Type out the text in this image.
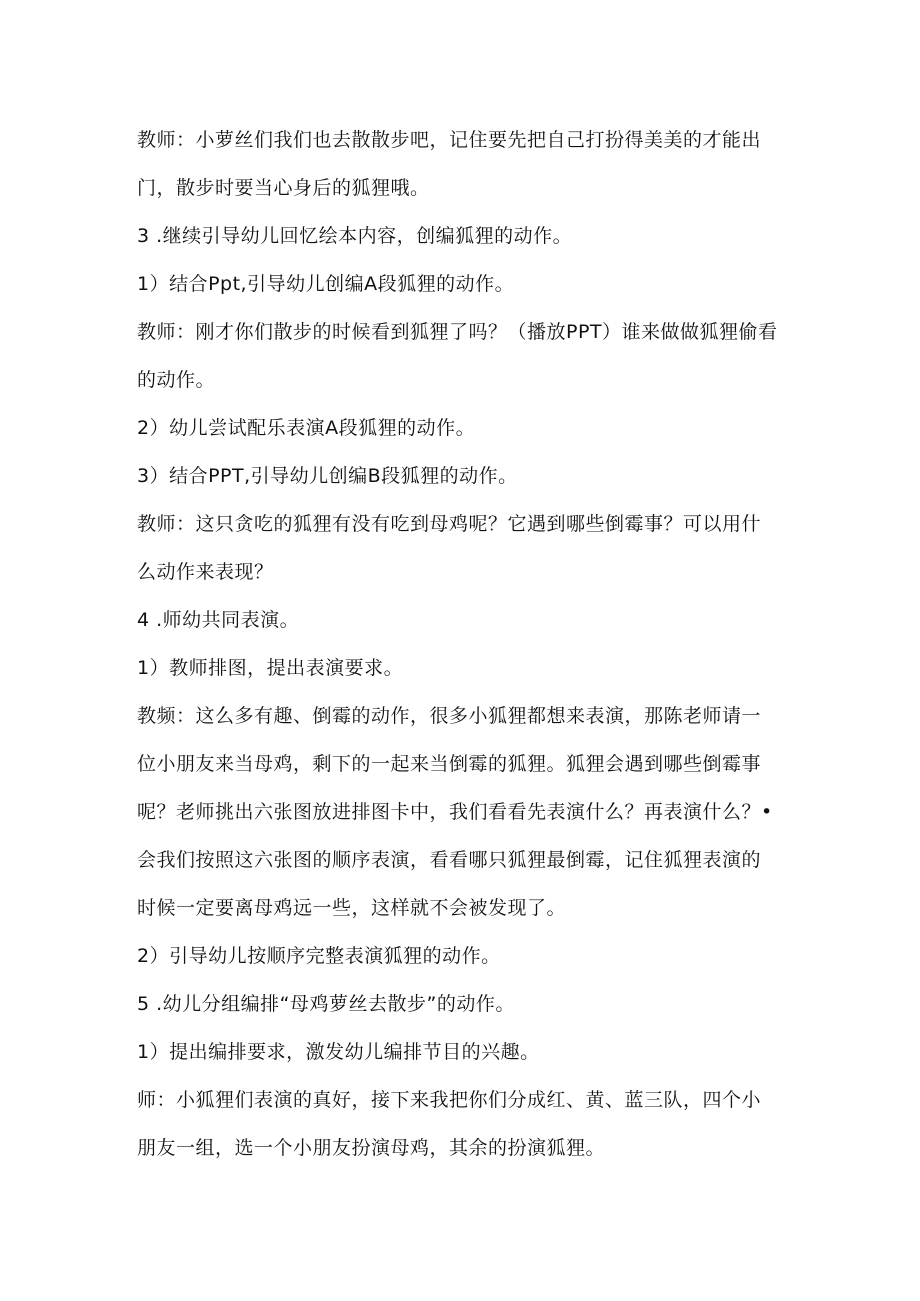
教师：小萝丝们我们也去散散步吧，记住要先把自己打扮得美美的才能出
门，散步时要当心身后的狐狸哦。
3 .继续引导幼儿回忆绘本内容，创编狐狸的动作。
1）结合Ppt,引导幼儿创编A段狐狸的动作。
教师：刚才你们散步的时候看到狐狸了吗？（播放PPT）谁来做做狐狸偷看
的动作。
2）幼儿尝试配乐表演A段狐狸的动作。
3）结合PPT,引导幼儿创编B段狐狸的动作。
教师：这只贪吃的狐狸有没有吃到母鸡呢？它遇到哪些倒霉事？可以用什
么动作来表现？
4 .师幼共同表演。
1）教师排图，提出表演要求。
教频：这么多有趣、倒霉的动作，很多小狐狸都想来表演，那陈老师请一
位小朋友来当母鸡，剩下的一起来当倒霉的狐狸。狐狸会遇到哪些倒霉事
呢？老师挑出六张图放进排图卡中，我们看看先表演什么？再表演什么？•
会我们按照这六张图的顺序表演，看看哪只狐狸最倒霉，记住狐狸表演的
时候一定要离母鸡远一些，这样就不会被发现了。
2）引导幼儿按顺序完整表演狐狸的动作。
5 .幼儿分组编排“母鸡萝丝去散步”的动作。
1）提出编排要求，激发幼儿编排节目的兴趣。
师：小狐狸们表演的真好，接下来我把你们分成红、黄、蓝三队，四个小
朋友一组，选一个小朋友扮演母鸡，其余的扮演狐狸。
